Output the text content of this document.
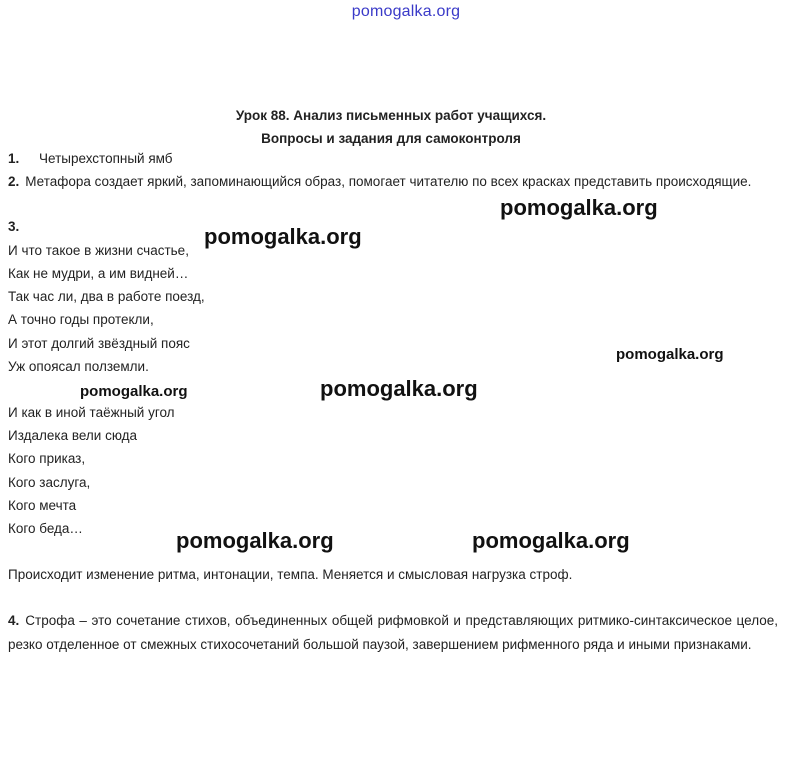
pomogalka.org
Урок 88. Анализ письменных работ учащихся.
Вопросы и задания для самоконтроля
1. Четырехстопный ямб
2. Метафора создает яркий, запоминающийся образ, помогает читателю по всех красках представить происходящие.
3.
И что такое в жизни счастье,
Как не мудри, а им видней…
Так час ли, два в работе поезд,
А точно годы протекли,
И этот долгий звёздный пояс
Уж опоясал полземли.
И как в иной таёжный угол
Издалека вели сюда
Кого приказ,
Кого заслуга,
Кого мечта
Кого беда…
Происходит изменение ритма, интонации, темпа. Меняется и смысловая нагрузка строф.
4. Строфа – это сочетание стихов, объединенных общей рифмовкой и представляющих ритмико-синтаксическое целое, резко отделенное от смежных стихосочетаний большой паузой, завершением рифменного ряда и иными признаками.
pomogalka.org
pomogalka.org
pomogalka.org
pomogalka.org
pomogalka.org
pomogalka.org	pomogalka.org
